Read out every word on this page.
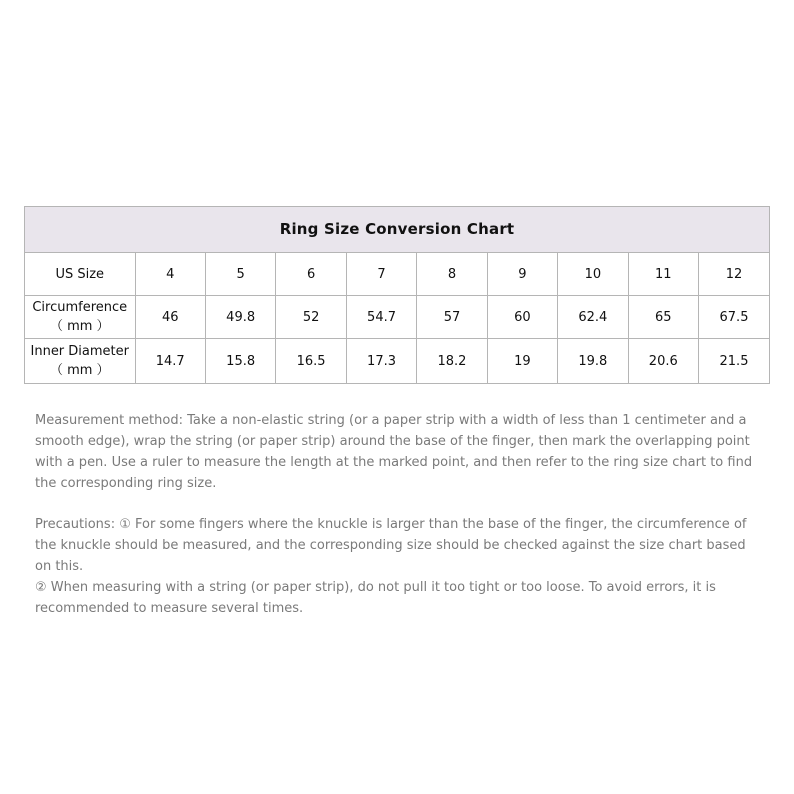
Ring Size Conversion Chart
US Size	4	5	6	7	8	9	10	11	12

Circumference
（ mm ）	46	49.8	52	54.7	57	60	62.4	65	67.5

Inner Diameter
（ mm ）	14.7	15.8	16.5	17.3	18.2	19	19.8	20.6	21.5

Measurement method: Take a non-elastic string (or a paper strip with a width of less than 1 centimeter and a smooth edge), wrap the string (or paper strip) around the base of the finger, then mark the overlapping point with a pen. Use a ruler to measure the length at the marked point, and then refer to the ring size chart to find the corresponding ring size.

Precautions: ① For some fingers where the knuckle is larger than the base of the finger, the circumference of the knuckle should be measured, and the corresponding size should be checked against the size chart based on this.
② When measuring with a string (or paper strip), do not pull it too tight or too loose. To avoid errors, it is recommended to measure several times.
